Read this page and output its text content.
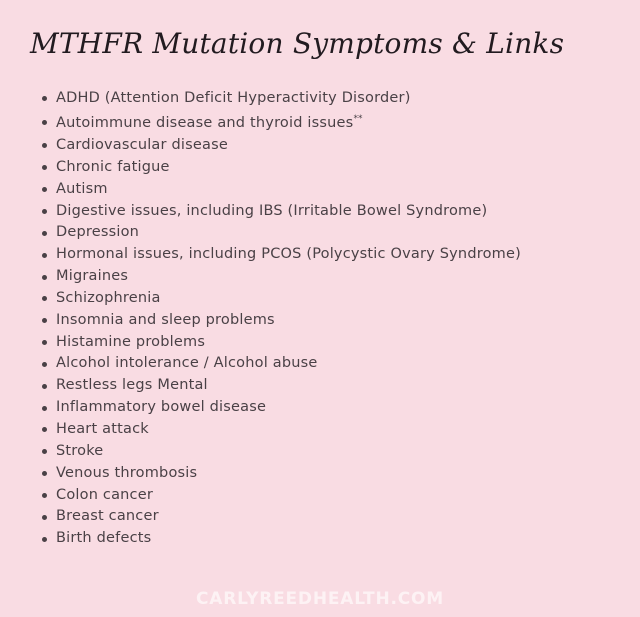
MTHFR Mutation Symptoms & Links
ADHD (Attention Deficit Hyperactivity Disorder)
Autoimmune disease and thyroid issues**
Cardiovascular disease
Chronic fatigue
Autism
Digestive issues, including IBS (Irritable Bowel Syndrome)
Depression
Hormonal issues, including PCOS (Polycystic Ovary Syndrome)
Migraines
Schizophrenia
Insomnia and sleep problems
Histamine problems
Alcohol intolerance / Alcohol abuse
Restless legs Mental
Inflammatory bowel disease
Heart attack
Stroke
Venous thrombosis
Colon cancer
Breast cancer
Birth defects
CARLYREEDHEALTH.COM
